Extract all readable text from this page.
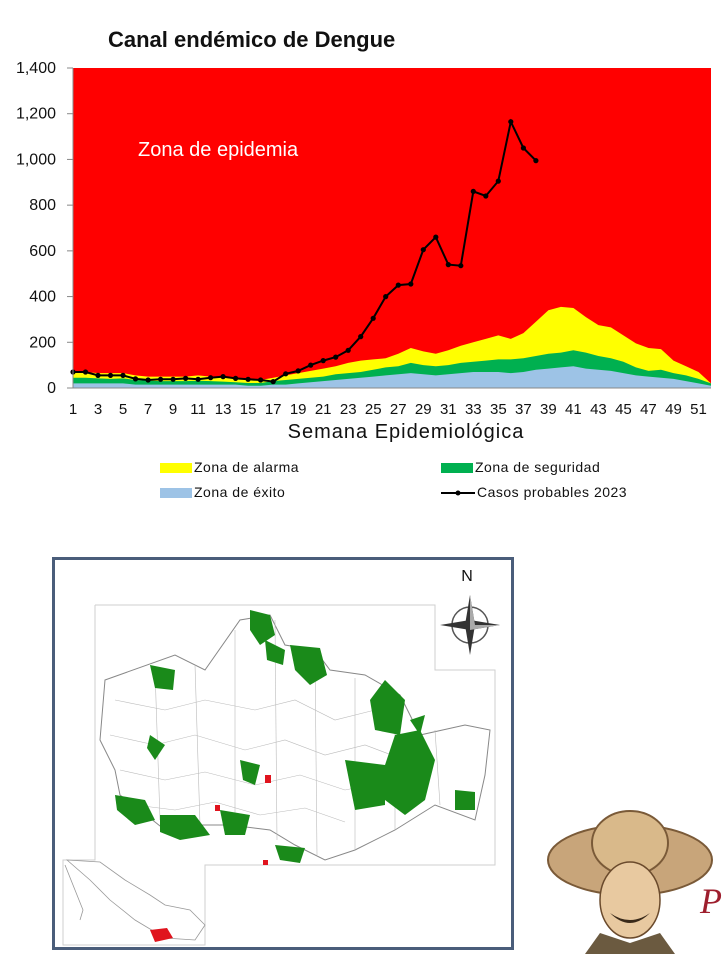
Canal endémico de Dengue
0
200
400
600
800
1,000
1,200
1,400
1 3 5 7 9 11 13 15 17 19 21 23 25 27 29 31 33 35 37 39 41 43 45 47 49 51
Zona de epidemia
Semana Epidemiológica
Zona de alarma	Zona de seguridad
Zona de éxito	Casos probables 2023
N
P
